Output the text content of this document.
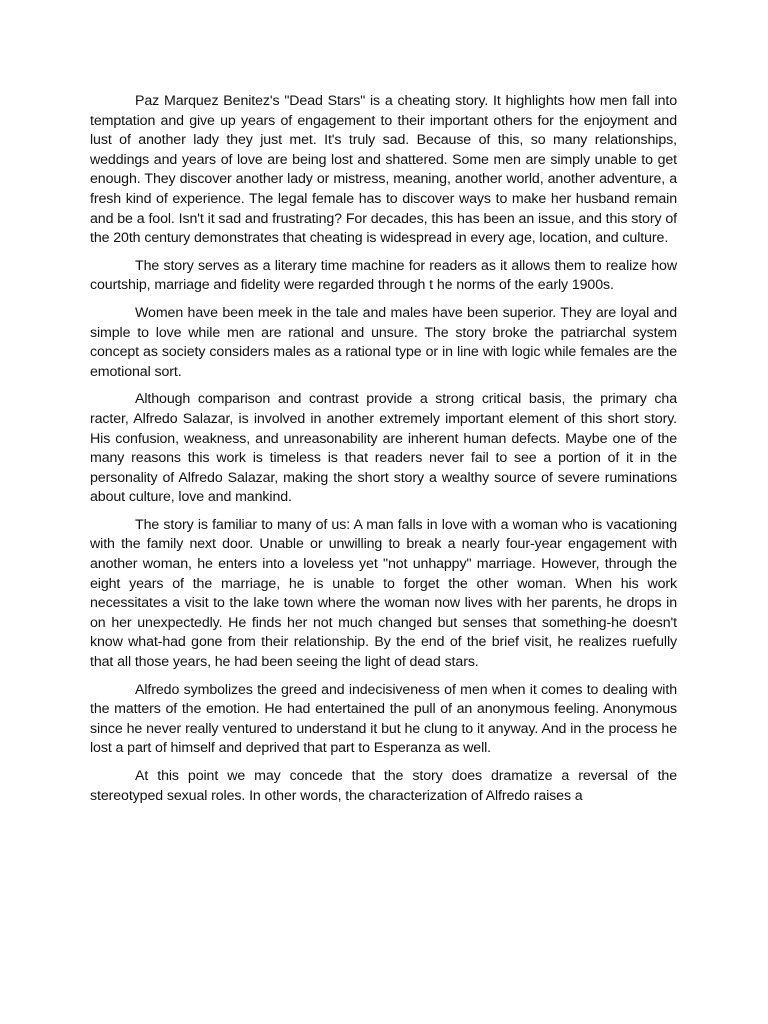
Paz Marquez Benitez's "Dead Stars" is a cheating story. It highlights how men fall into temptation and give up years of engagement to their important others for the enjoyment and lust of another lady they just met. It's truly sad. Because of this, so many relationships, weddings and years of love are being lost and shattered. Some men are simply unable to get enough. They discover another lady or mistress, meaning, another world, another adventure, a fresh kind of experience. The legal female has to discover ways to make her husband remain and be a fool. Isn't it sad and frustrating? For decades, this has been an issue, and this story of the 20th century demonstrates that cheating is widespread in every age, location, and culture.

The story serves as a literary time machine for readers as it allows them to realize how courtship, marriage and fidelity were regarded through t he norms of the early 1900s.

Women have been meek in the tale and males have been superior. They are loyal and simple to love while men are rational and unsure. The story broke the patriarchal system concept as society considers males as a rational type or in line with logic while females are the emotional sort.

Although comparison and contrast provide a strong critical basis, the primary cha racter, Alfredo Salazar, is involved in another extremely important element of this short story. His confusion, weakness, and unreasonability are inherent human defects. Maybe one of the many reasons this work is timeless is that readers never fail to see a portion of it in the personality of Alfredo Salazar, making the short story a wealthy source of severe ruminations about culture, love and mankind.

The story is familiar to many of us: A man falls in love with a woman who is vacationing with the family next door. Unable or unwilling to break a nearly four-year engagement with another woman, he enters into a loveless yet "not unhappy" marriage. However, through the eight years of the marriage, he is unable to forget the other woman. When his work necessitates a visit to the lake town where the woman now lives with her parents, he drops in on her unexpectedly. He finds her not much changed but senses that something-he doesn't know what-had gone from their relationship. By the end of the brief visit, he realizes ruefully that all those years, he had been seeing the light of dead stars.

Alfredo symbolizes the greed and indecisiveness of men when it comes to dealing with the matters of the emotion. He had entertained the pull of an anonymous feeling. Anonymous since he never really ventured to understand it but he clung to it anyway. And in the process he lost a part of himself and deprived that part to Esperanza as well.

At this point we may concede that the story does dramatize a reversal of the stereotyped sexual roles. In other words, the characterization of Alfredo raises a
